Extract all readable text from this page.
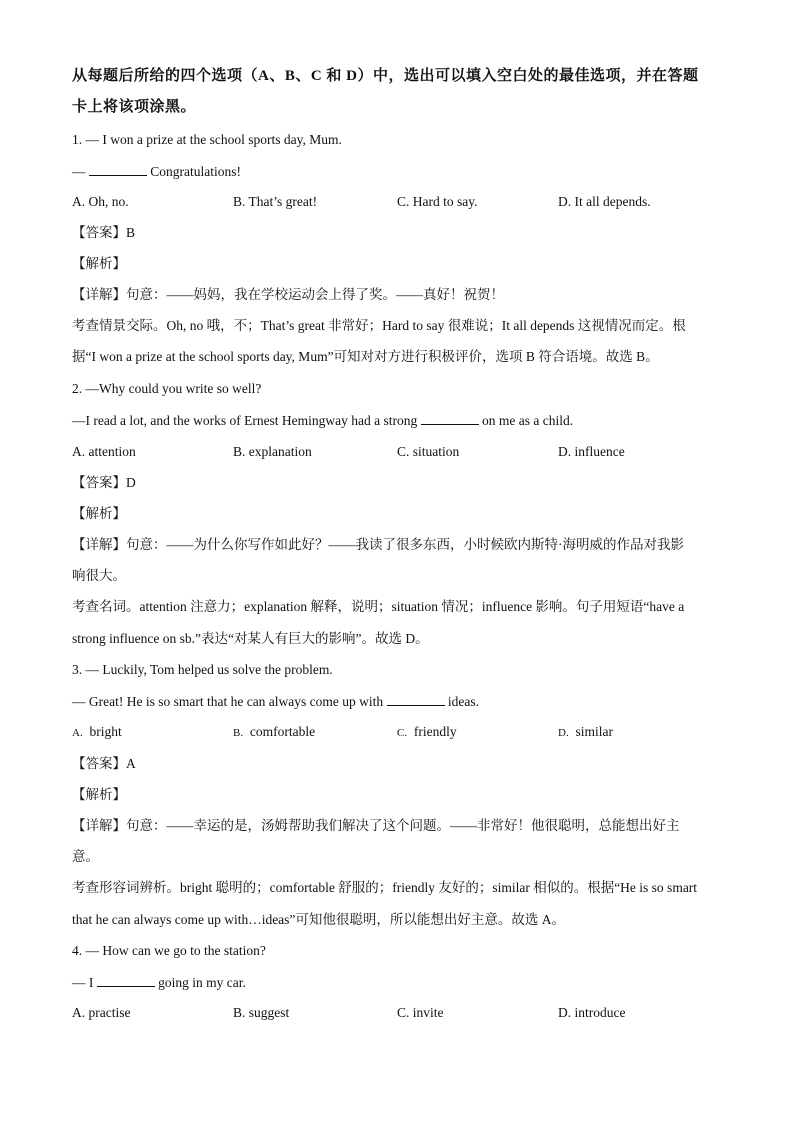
从每题后所给的四个选项（A、B、C 和 D）中，选出可以填入空白处的最佳选项，并在答题
卡上将该项涂黑。
1. — I won a prize at the school sports day, Mum.
—	Congratulations!
A. Oh, no.	B. That’s great!	C. Hard to say.	D. It all depends.
【答案】B
【解析】
【详解】句意：——妈妈，我在学校运动会上得了奖。——真好！祝贺！
考查情景交际。Oh, no 哦，不；That’s great 非常好；Hard to say 很难说；It all depends 这视情况而定。根
据“I won a prize at the school sports day, Mum”可知对对方进行积极评价，选项 B 符合语境。故选 B。
2. —Why could you write so well?
—I read a lot, and the works of Ernest Hemingway had a strong	on me as a child.
A. attention	B. explanation	C. situation	D. influence
【答案】D
【解析】
【详解】句意：——为什么你写作如此好？——我读了很多东西，小时候欧内斯特·海明威的作品对我影
响很大。
考查名词。attention 注意力；explanation 解释，说明；situation 情况；influence 影响。句子用短语“have a
strong influence on sb.”表达“对某人有巨大的影响”。故选 D。
3. — Luckily, Tom helped us solve the problem.
— Great! He is so smart that he can always come up with	ideas.
A. bright	B. comfortable	C. friendly	D. similar
【答案】A
【解析】
【详解】句意：——幸运的是，汤姆帮助我们解决了这个问题。——非常好！他很聪明，总能想出好主
意。
考查形容词辨析。bright 聪明的；comfortable 舒服的；friendly 友好的；similar 相似的。根据“He is so smart
that he can always come up with…ideas”可知他很聪明，所以能想出好主意。故选 A。
4. — How can we go to the station?
— I	going in my car.
A. practise	B. suggest	C. invite	D. introduce
